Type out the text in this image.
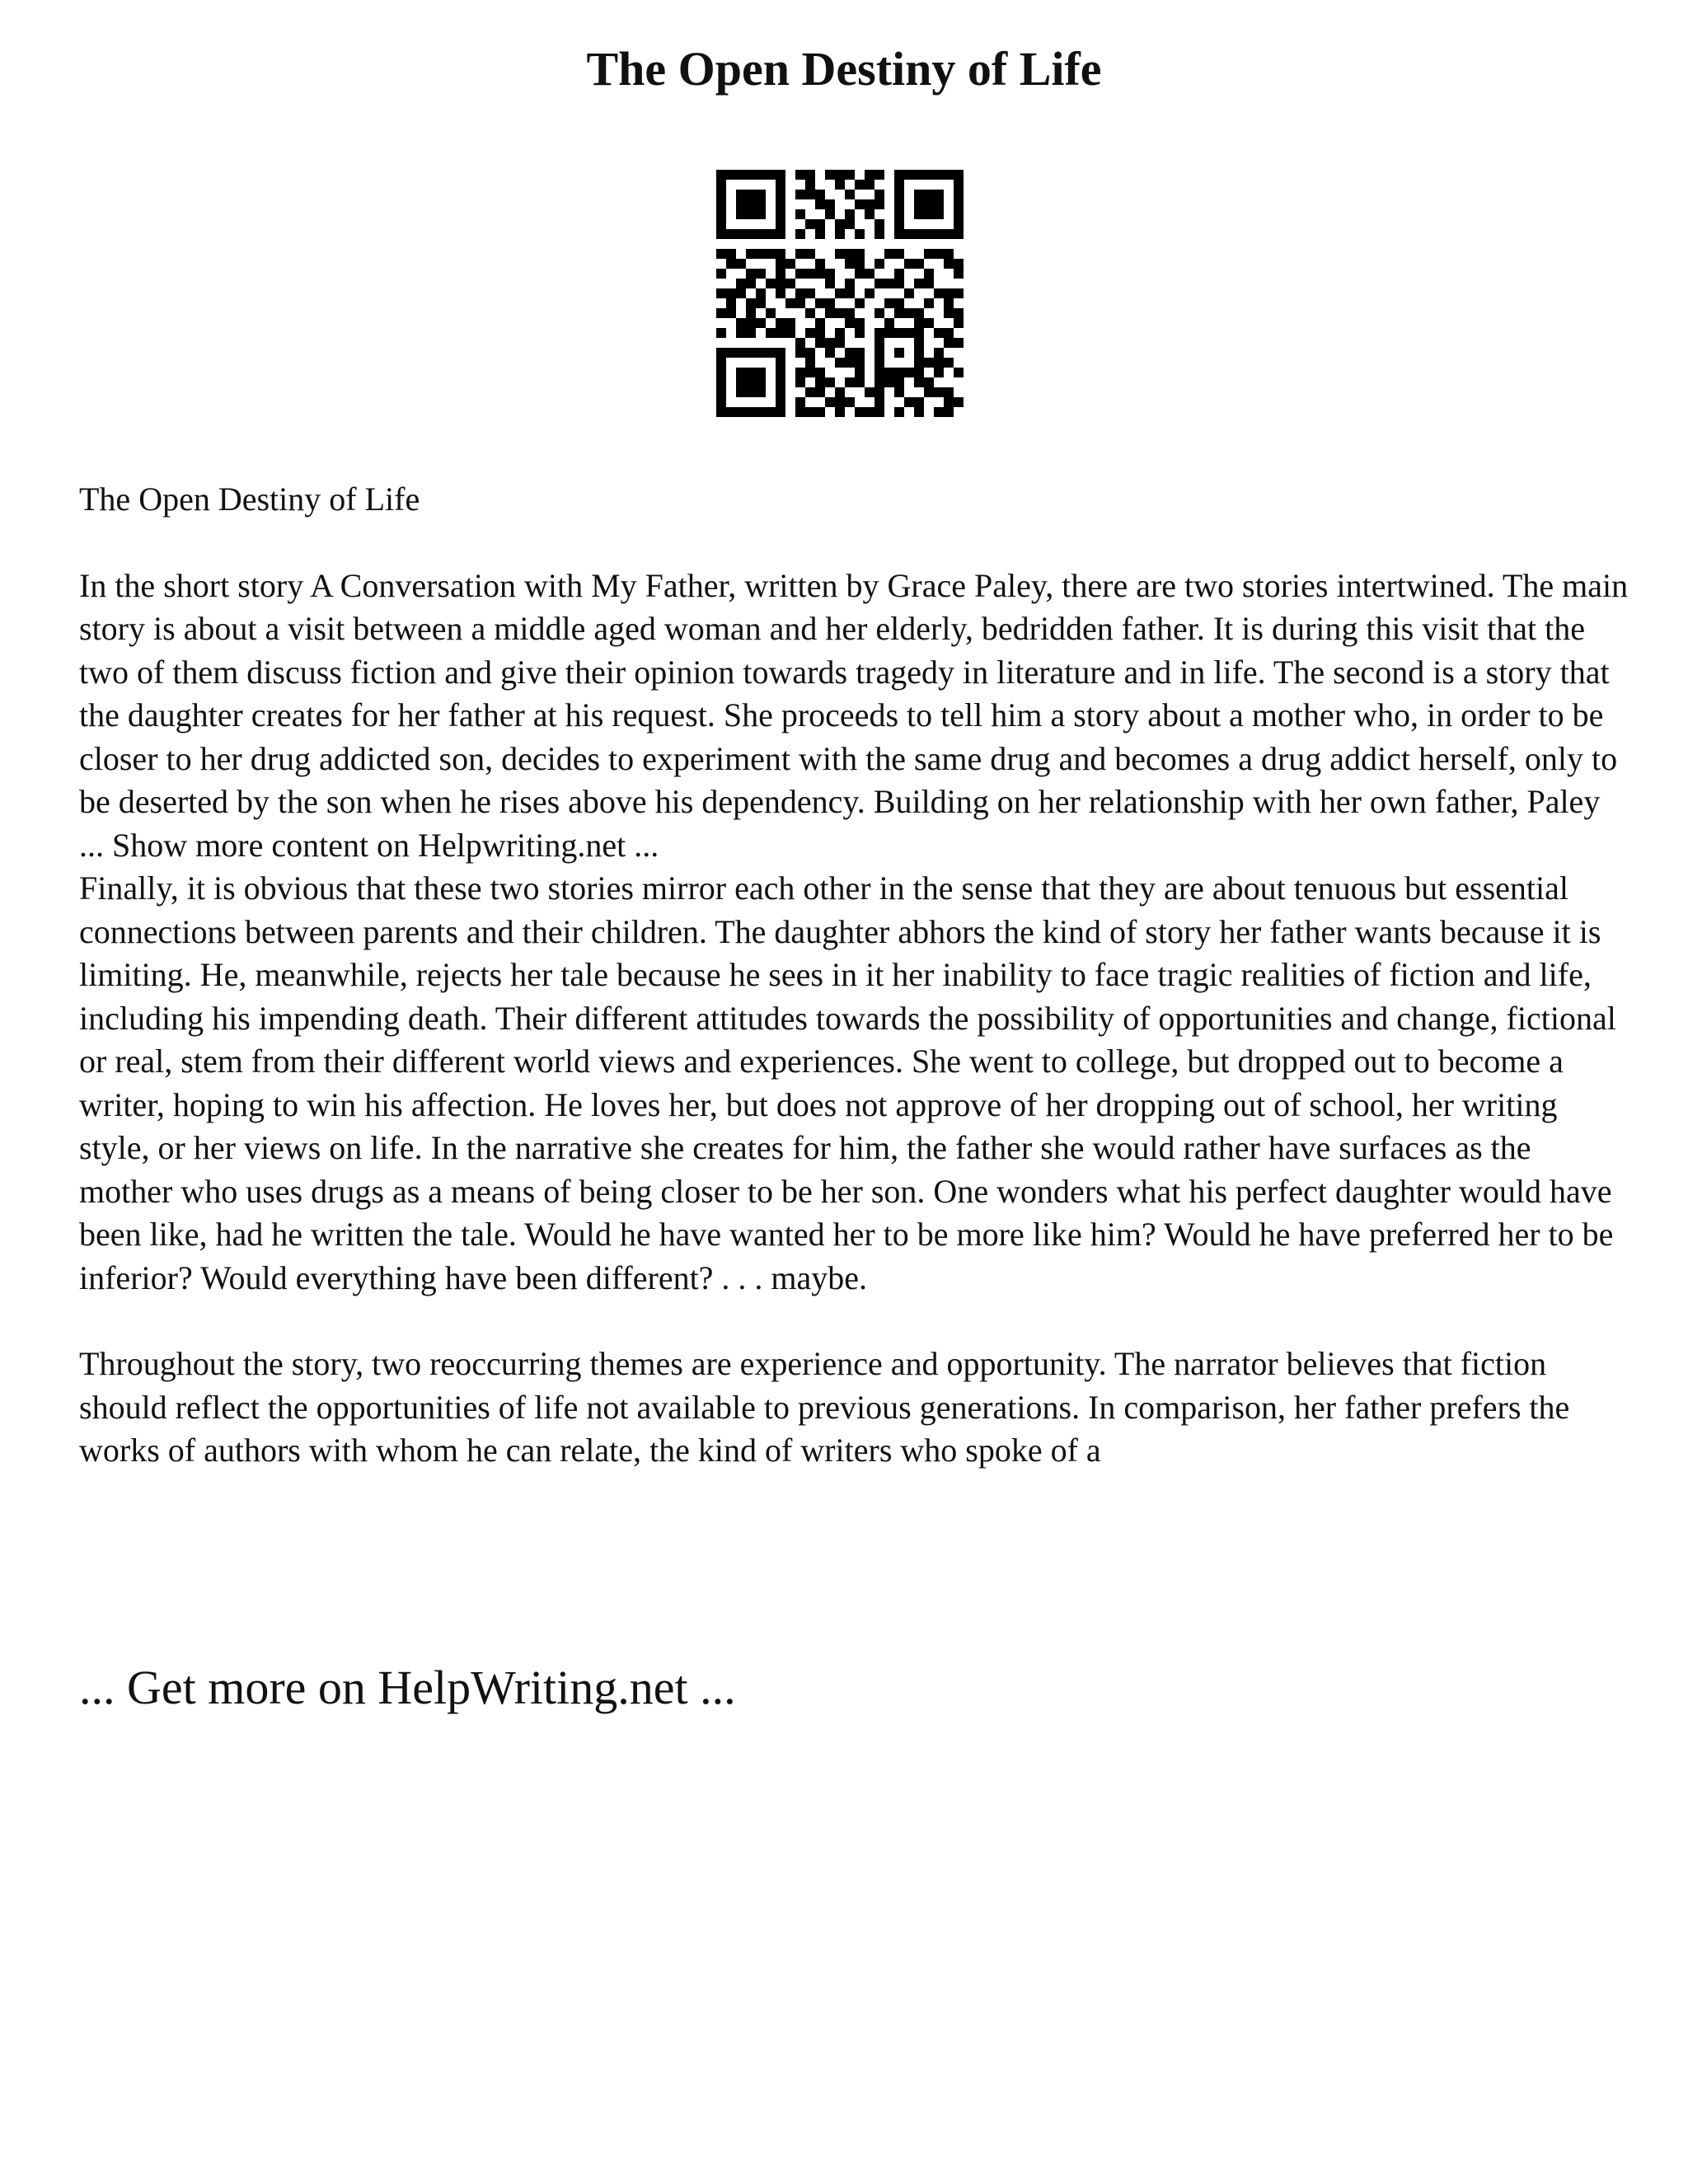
The Open Destiny of Life

The Open Destiny of Life

In the short story A Conversation with My Father, written by Grace Paley, there are two stories intertwined. The main story is about a visit between a middle aged woman and her elderly, bedridden father. It is during this visit that the two of them discuss fiction and give their opinion towards tragedy in literature and in life. The second is a story that the daughter creates for her father at his request. She proceeds to tell him a story about a mother who, in order to be closer to her drug addicted son, decides to experiment with the same drug and becomes a drug addict herself, only to be deserted by the son when he rises above his dependency. Building on her relationship with her own father, Paley ... Show more content on Helpwriting.net ...

Finally, it is obvious that these two stories mirror each other in the sense that they are about tenuous but essential connections between parents and their children. The daughter abhors the kind of story her father wants because it is limiting. He, meanwhile, rejects her tale because he sees in it her inability to face tragic realities of fiction and life, including his impending death. Their different attitudes towards the possibility of opportunities and change, fictional or real, stem from their different world views and experiences. She went to college, but dropped out to become a writer, hoping to win his affection. He loves her, but does not approve of her dropping out of school, her writing style, or her views on life. In the narrative she creates for him, the father she would rather have surfaces as the mother who uses drugs as a means of being closer to be her son. One wonders what his perfect daughter would have been like, had he written the tale. Would he have wanted her to be more like him? Would he have preferred her to be inferior? Would everything have been different? . . . maybe.

Throughout the story, two reoccurring themes are experience and opportunity. The narrator believes that fiction should reflect the opportunities of life not available to previous generations. In comparison, her father prefers the works of authors with whom he can relate, the kind of writers who spoke of a

... Get more on HelpWriting.net ...
